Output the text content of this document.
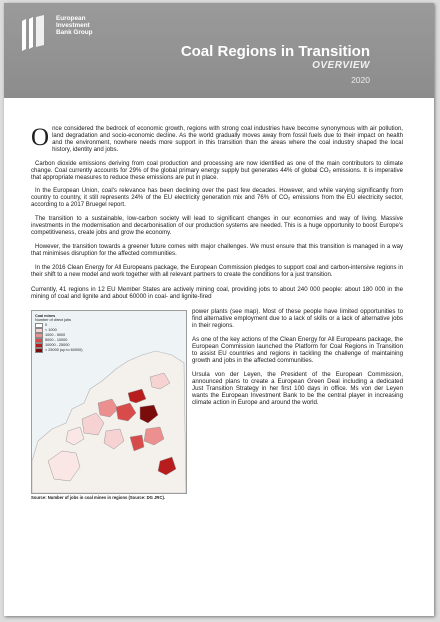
European
Investment
Bank Group
Coal Regions in Transition
OVERVIEW
2020

Once considered the bedrock of economic growth, regions with strong coal industries have become synonymous with air pollution, land degradation and socio-economic decline. As the world gradually moves away from fossil fuels due to their impact on health and the environment, nowhere needs more support in this transition than the areas where the coal industry shaped the local history, identity and jobs.

Carbon dioxide emissions deriving from coal production and processing are now identified as one of the main contributors to climate change. Coal currently accounts for 29% of the global primary energy supply but generates 44% of global CO₂ emissions. It is imperative that appropriate measures to reduce these emissions are put in place.

In the European Union, coal's relevance has been declining over the past few decades. However, and while varying significantly from country to country, it still represents 24% of the EU electricity generation mix and 76% of CO₂ emissions from the EU electricity sector, according to a 2017 Bruegel report.

The transition to a sustainable, low-carbon society will lead to significant changes in our economies and way of living. Massive investments in the modernisation and decarbonisation of our production systems are needed. This is a huge opportunity to boost Europe's competitiveness, create jobs and grow the economy.

However, the transition towards a greener future comes with major challenges. We must ensure that this transition is managed in a way that minimises disruption for the affected communities.

In the 2016 Clean Energy for All Europeans package, the European Commission pledges to support coal and carbon-intensive regions in their shift to a new model and work together with all relevant partners to create the conditions for a just transition.

Currently, 41 regions in 12 EU Member States are actively mining coal, providing jobs to about 240 000 people: about 180 000 in the mining of coal and lignite and about 60000 in coal- and lignite-fired
Coal mines
Number of direct jobs
0
< 1000
1000 - 5000
5000 - 10000
10000 - 25000
> 25000 (up to 60000)
Source: Number of jobs in coal mines in regions (Source: DG JRC).

power plants (see map). Most of these people have limited opportunities to find alternative employment due to a lack of skills or a lack of alternative jobs in their regions.

As one of the key actions of the Clean Energy for All Europeans package, the European Commission launched the Platform for Coal Regions in Transition to assist EU countries and regions in tackling the challenge of maintaining growth and jobs in the affected communities.

Ursula von der Leyen, the President of the European Commission, announced plans to create a European Green Deal including a dedicated Just Transition Strategy in her first 100 days in office. Ms von der Leyen wants the European Investment Bank to be the central player in increasing climate action in Europe and around the world.
